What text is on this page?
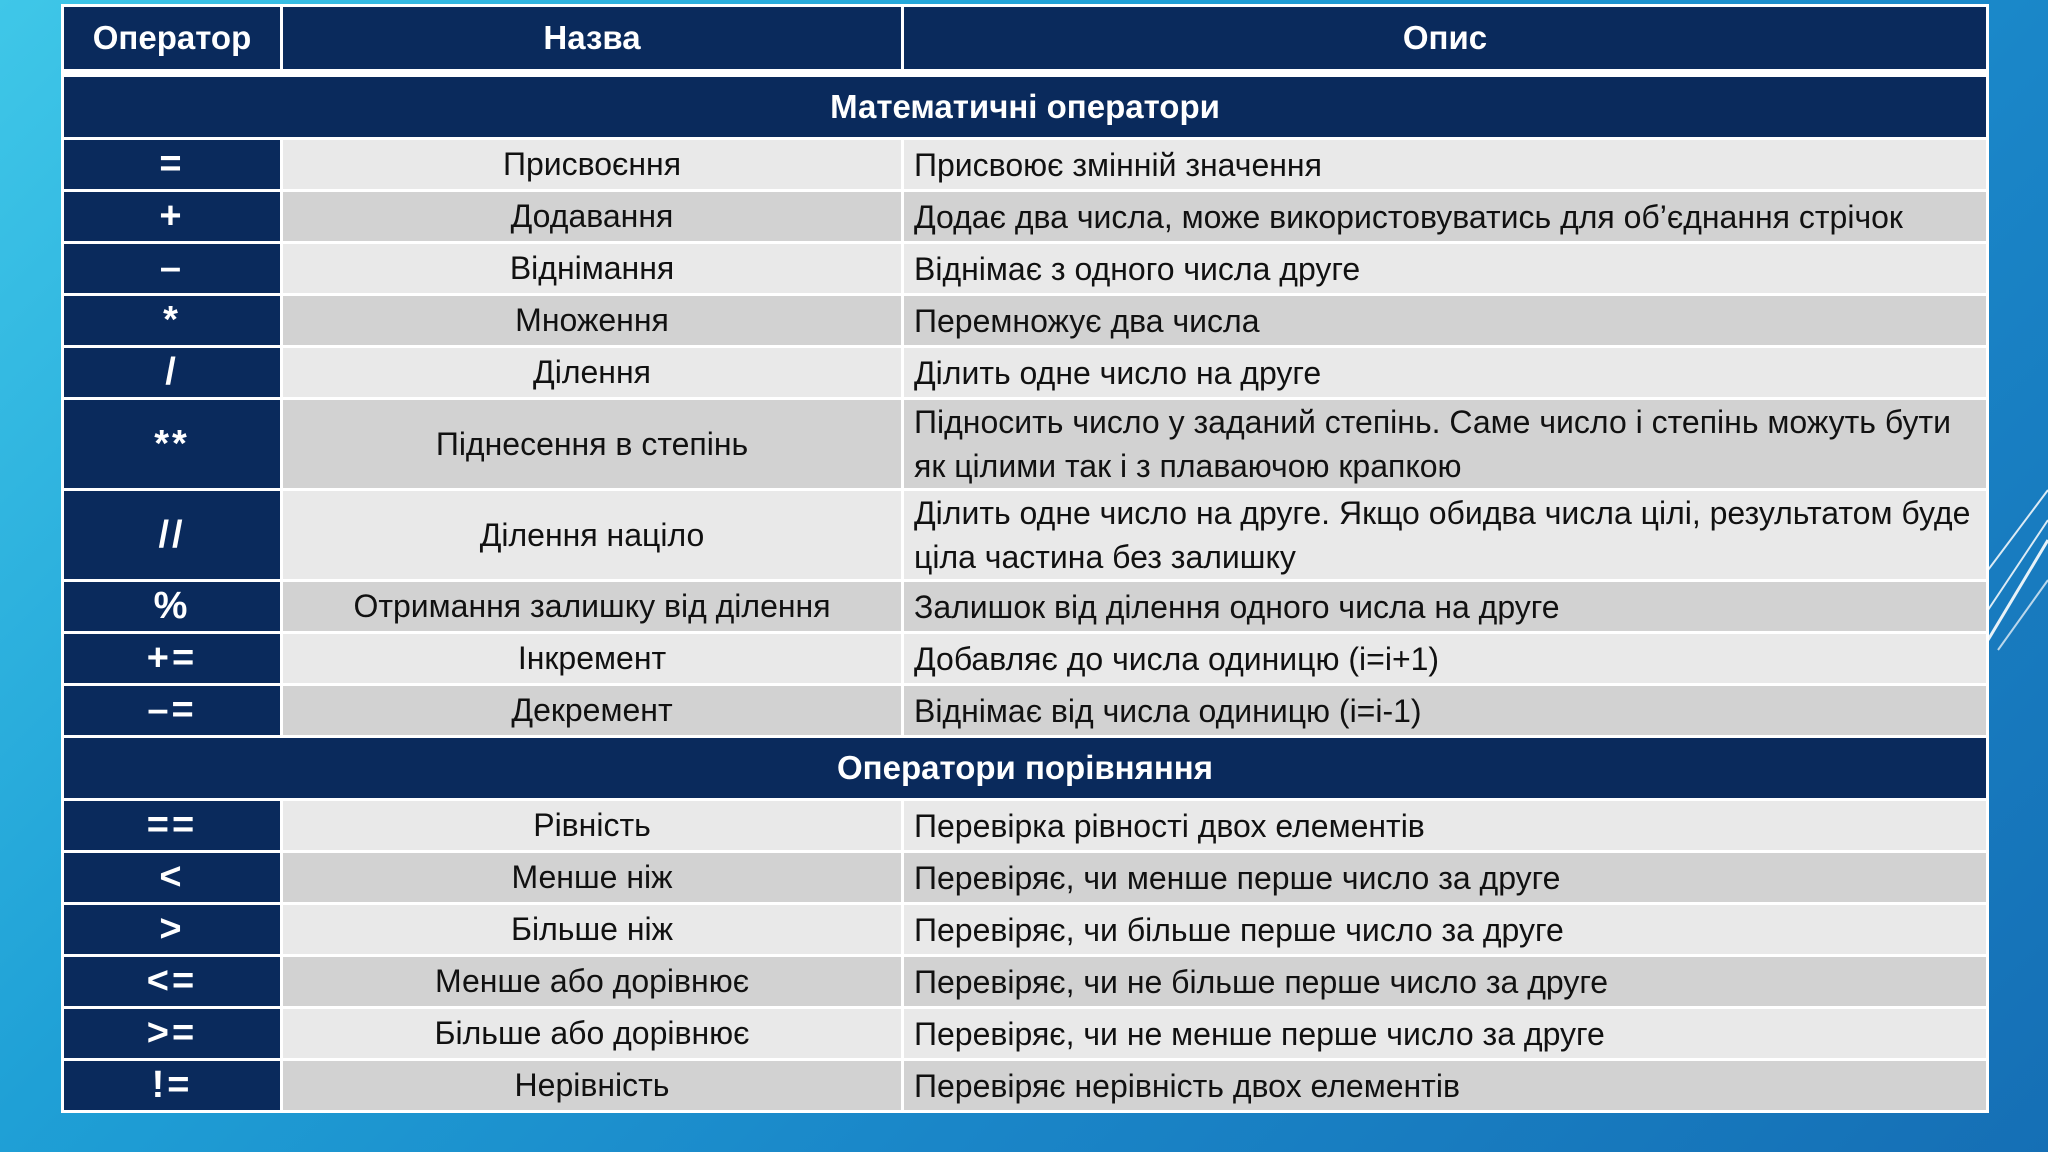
Оператор	Назва	Опис
Математичні оператори		
=	Присвоєння	Присвоює змінній значення
+	Додавання	Додає два числа, може використовуватись для об’єднання стрічок
–	Віднімання	Віднімає з одного числа друге
*	Множення	Перемножує два числа
/	Ділення	Ділить одне число на друге
**	Піднесення в степінь	Підносить число у заданий степінь. Саме число і степінь можуть бути як цілими так і з плаваючою крапкою
//	Ділення націло	Ділить одне число на друге. Якщо обидва числа цілі, результатом буде ціла частина без залишку
%	Отримання залишку від ділення	Залишок від ділення одного числа на друге
+=	Інкремент	Добавляє до числа одиницю (i=i+1)
–=	Декремент	Віднімає від числа одиницю (i=i-1)
Оператори порівняння		
==	Рівність	Перевірка рівності двох елементів
<	Менше ніж	Перевіряє, чи менше перше число за друге
>	Більше ніж	Перевіряє, чи більше перше число за друге
<=	Менше або дорівнює	Перевіряє, чи не більше перше число за друге
>=	Більше або дорівнює	Перевіряє, чи не менше перше число за друге
!=	Нерівність	Перевіряє нерівність двох елементів
